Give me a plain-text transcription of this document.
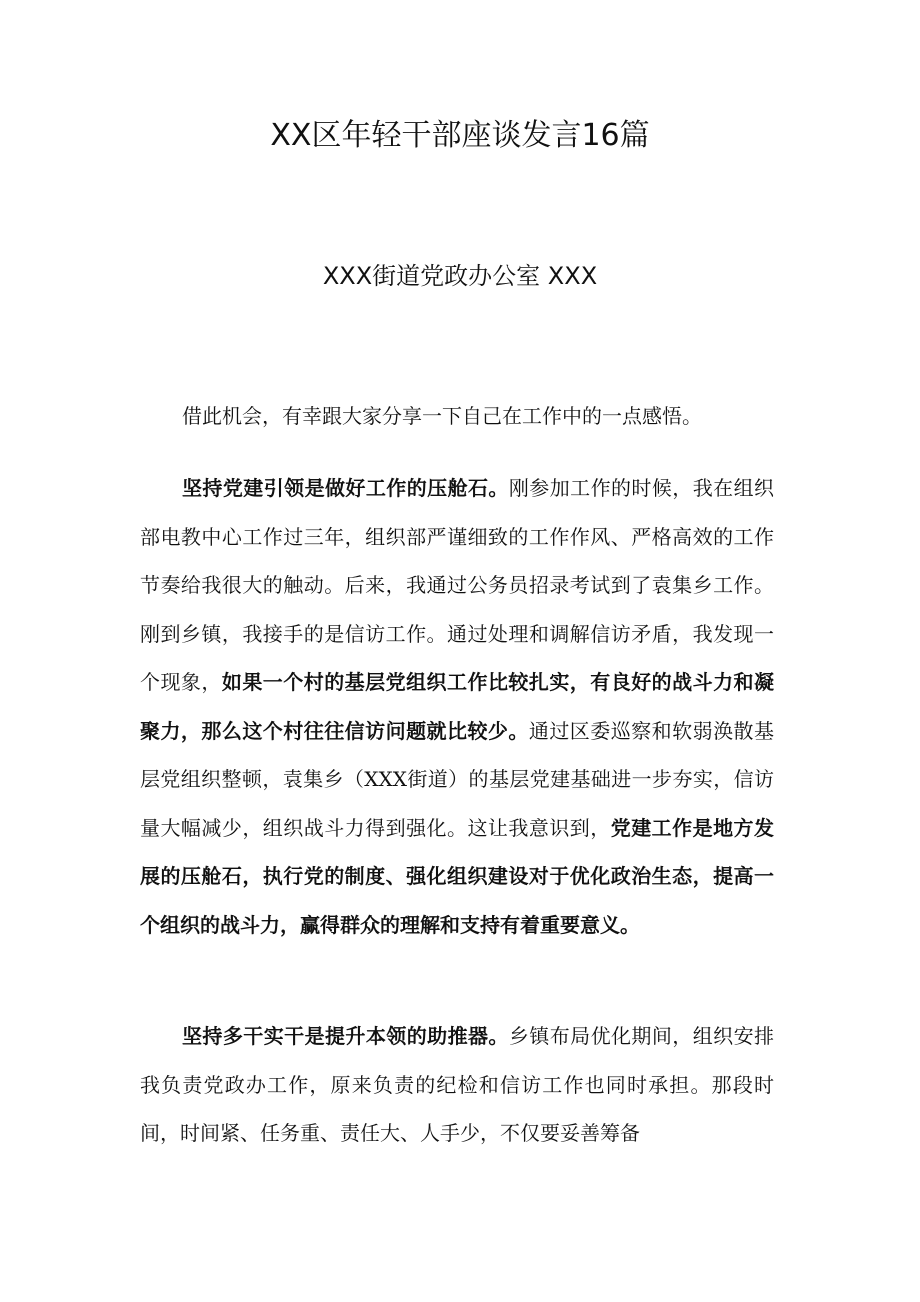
XX区年轻干部座谈发言16篇
XXX街道党政办公室 XXX

借此机会，有幸跟大家分享一下自己在工作中的一点感悟。

坚持党建引领是做好工作的压舱石。刚参加工作的时候，我在组织部电教中心工作过三年，组织部严谨细致的工作作风、严格高效的工作节奏给我很大的触动。后来，我通过公务员招录考试到了袁集乡工作。刚到乡镇，我接手的是信访工作。通过处理和调解信访矛盾，我发现一个现象，如果一个村的基层党组织工作比较扎实，有良好的战斗力和凝聚力，那么这个村往往信访问题就比较少。通过区委巡察和软弱涣散基层党组织整顿，袁集乡（XXX街道）的基层党建基础进一步夯实，信访量大幅减少，组织战斗力得到强化。这让我意识到，党建工作是地方发展的压舱石，执行党的制度、强化组织建设对于优化政治生态，提高一个组织的战斗力，赢得群众的理解和支持有着重要意义。

坚持多干实干是提升本领的助推器。乡镇布局优化期间，组织安排我负责党政办工作，原来负责的纪检和信访工作也同时承担。那段时间，时间紧、任务重、责任大、人手少，不仅要妥善筹备
